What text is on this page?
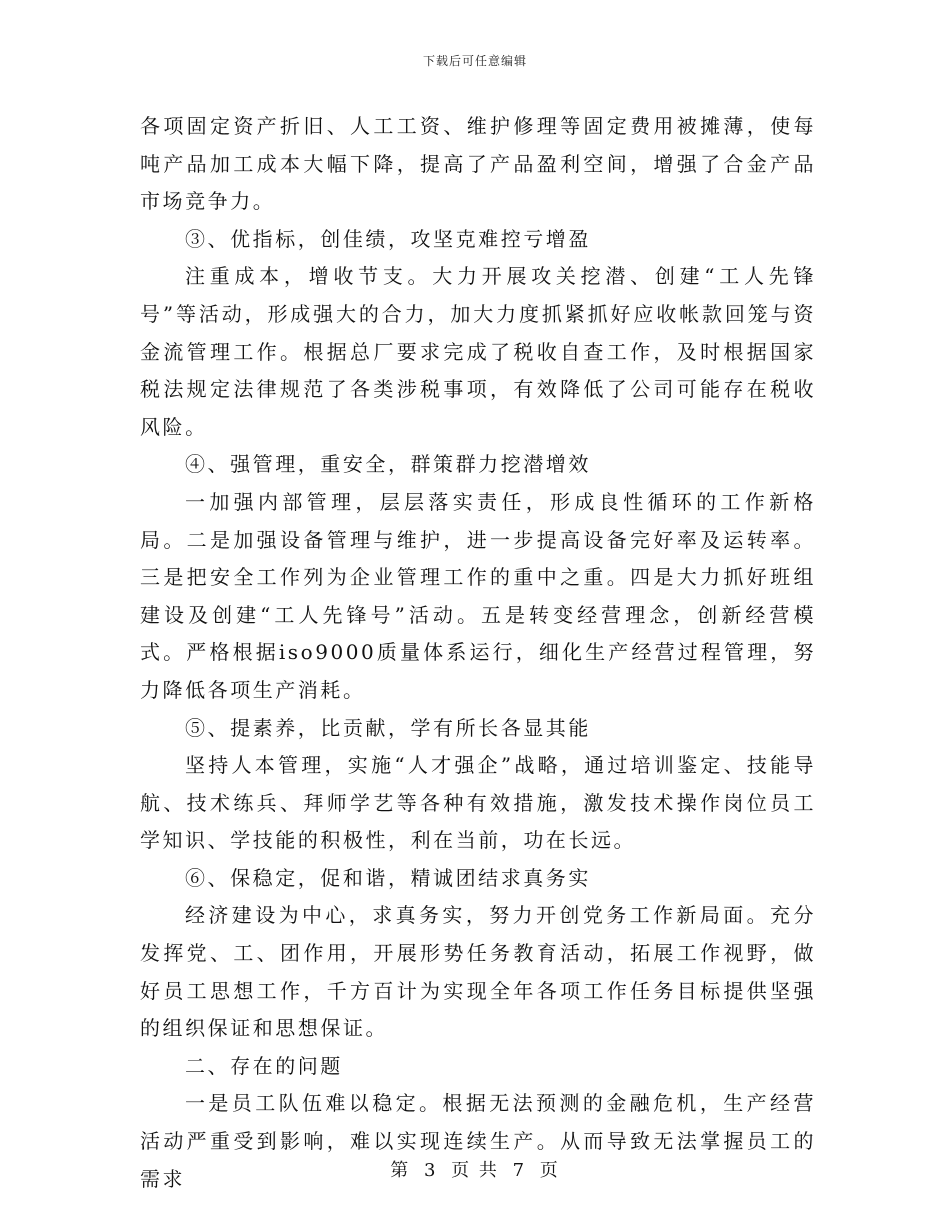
下载后可任意编辑

各项固定资产折旧、人工工资、维护修理等固定费用被摊薄，使每吨产品加工成本大幅下降，提高了产品盈利空间，增强了合金产品市场竞争力。

③、优指标，创佳绩，攻坚克难控亏增盈

注重成本，增收节支。大力开展攻关挖潜、创建“工人先锋号”等活动，形成强大的合力，加大力度抓紧抓好应收帐款回笼与资金流管理工作。根据总厂要求完成了税收自查工作，及时根据国家税法规定法律规范了各类涉税事项，有效降低了公司可能存在税收风险。

④、强管理，重安全，群策群力挖潜增效

一加强内部管理，层层落实责任，形成良性循环的工作新格局。二是加强设备管理与维护，进一步提高设备完好率及运转率。三是把安全工作列为企业管理工作的重中之重。四是大力抓好班组建设及创建“工人先锋号”活动。五是转变经营理念，创新经营模式。严格根据iso9000质量体系运行，细化生产经营过程管理，努力降低各项生产消耗。

⑤、提素养，比贡献，学有所长各显其能

坚持人本管理，实施“人才强企”战略，通过培训鉴定、技能导航、技术练兵、拜师学艺等各种有效措施，激发技术操作岗位员工学知识、学技能的积极性，利在当前，功在长远。

⑥、保稳定，促和谐，精诚团结求真务实

经济建设为中心，求真务实，努力开创党务工作新局面。充分发挥党、工、团作用，开展形势任务教育活动，拓展工作视野，做好员工思想工作，千方百计为实现全年各项工作任务目标提供坚强的组织保证和思想保证。

二、存在的问题

一是员工队伍难以稳定。根据无法预测的金融危机，生产经营活动严重受到影响，难以实现连续生产。从而导致无法掌握员工的需求	第 3 页 共 7 页
